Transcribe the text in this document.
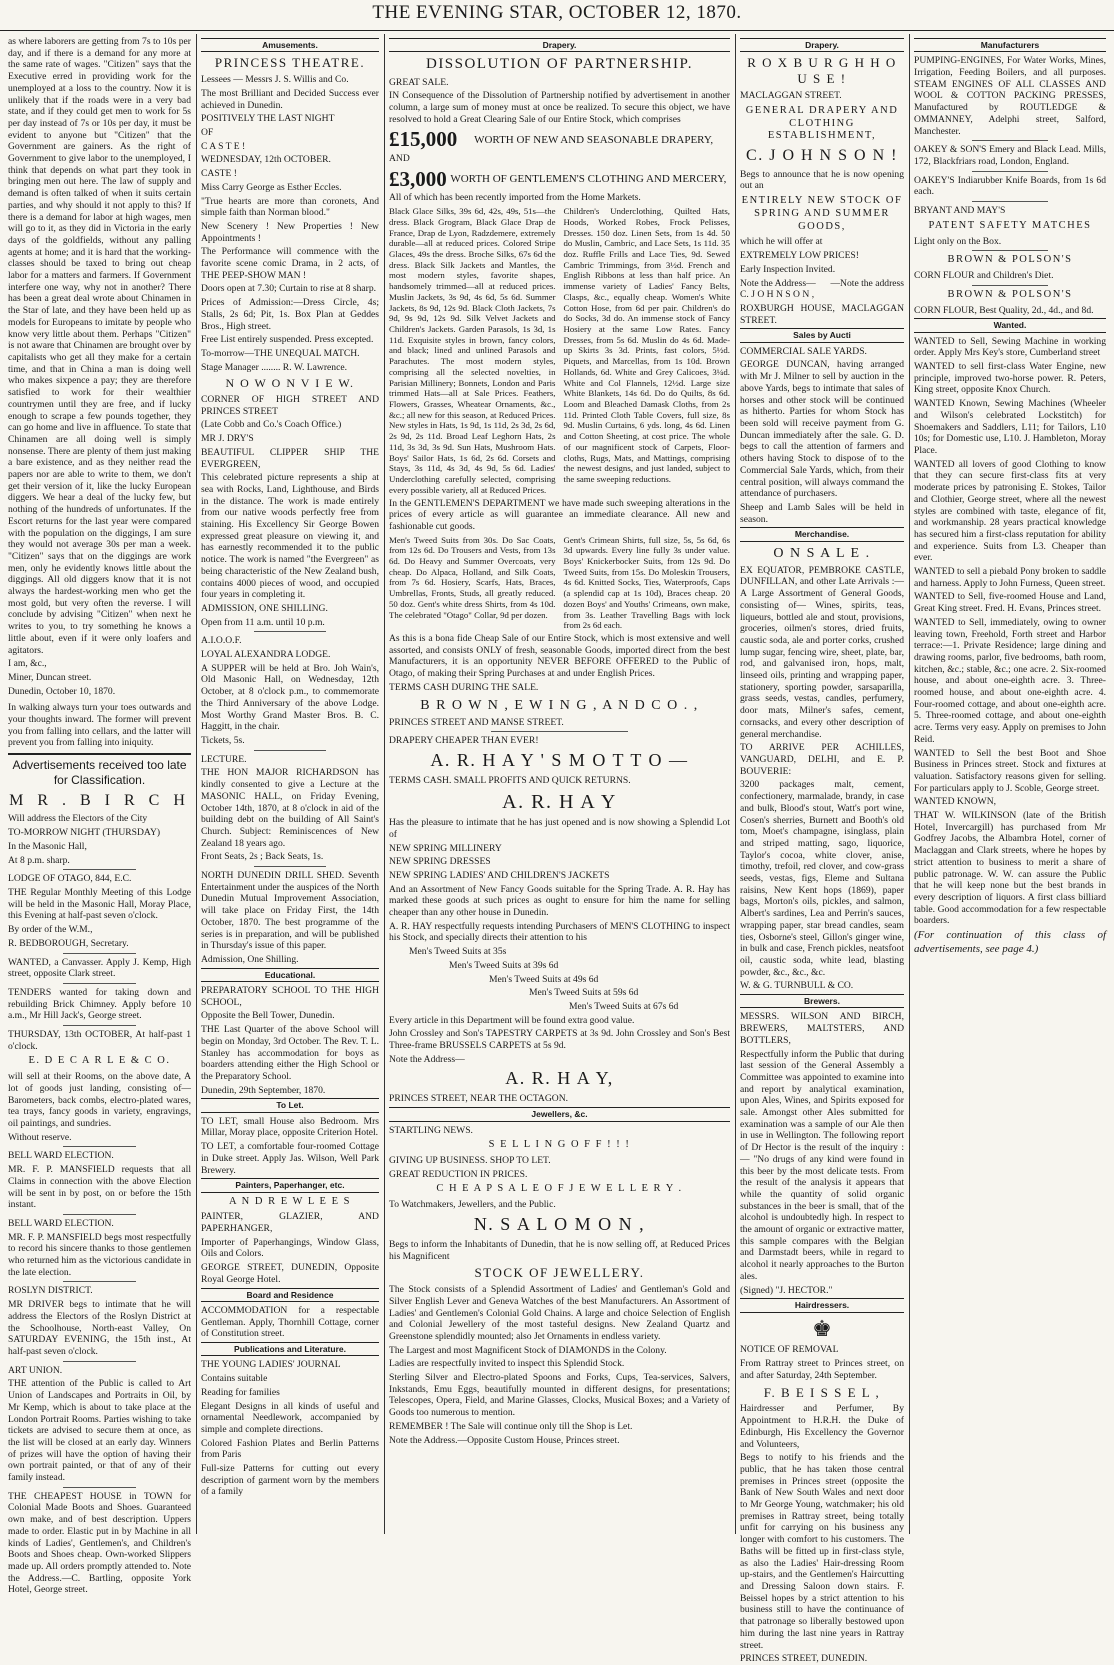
THE EVENING STAR, OCTOBER 12, 1870.

as where laborers are getting from 7s to 10s per day, and if there is a demand for any more at the same rate of wages. "Citizen" says that the Executive erred in providing work for the unemployed at a loss to the country. Now it is unlikely that if the roads were in a very bad state, and if they could get men to work for 5s per day instead of 7s or 10s per day, it must be evident to anyone but "Citizen" that the Government are gainers. As the right of Government to give labor to the unemployed, I think that depends on what part they took in bringing men out here. The law of supply and demand is often talked of when it suits certain parties, and why should it not apply to this? If there is a demand for labor at high wages, men will go to it, as they did in Victoria in the early days of the goldfields, without any palling agents at home; and it is hard that the working-classes should be taxed to bring out cheap labor for a matters and farmers. If Government interfere one way, why not in another? There has been a great deal wrote about Chinamen in the Star of late, and they have been held up as models for Europeans to imitate by people who know very little about them. Perhaps "Citizen" is not aware that Chinamen are brought over by capitalists who get all they make for a certain time, and that in China a man is doing well who makes sixpence a pay; they are therefore satisfied to work for their wealthier countrymen until they are free, and if lucky enough to scrape a few pounds together, they can go home and live in affluence. To state that Chinamen are all doing well is simply nonsense. There are plenty of them just making a bare existence, and as they neither read the papers nor are able to write to them, we don't get their version of it, like the lucky European diggers. We hear a deal of the lucky few, but nothing of the hundreds of unfortunates. If the Escort returns for the last year were compared with the population on the diggings, I am sure they would not average 30s per man a week. "Citizen" says that on the diggings are work men, only he evidently knows little about the diggings. All old diggers know that it is not always the hardest-working men who get the most gold, but very often the reverse. I will conclude by advising "Citizen" when next he writes to you, to try something he knows a little about, even if it were only loafers and agitators.

I am, &c.,

Miner, Duncan street.

Dunedin, October 10, 1870.

In walking always turn your toes outwards and your thoughts inward. The former will prevent you from falling into cellars, and the latter will prevent you from falling into iniquity.

Advertisements received too late for Classification.
M R . B I R C H

Will address the Electors of the City

TO-MORROW NIGHT (THURSDAY)

In the Masonic Hall,

At 8 p.m. sharp.

LODGE OF OTAGO, 844, E.C.

THE Regular Monthly Meeting of this Lodge will be held in the Masonic Hall, Moray Place, this Evening at half-past seven o'clock.

By order of the W.M.,

R. BEDBOROUGH, Secretary.

WANTED, a Canvasser. Apply J. Kemp, High street, opposite Clark street.

TENDERS wanted for taking down and rebuilding Brick Chimney. Apply before 10 a.m., Mr Hill Jack's, George street.

THURSDAY, 13th OCTOBER, At half-past 1 o'clock.

E. D E C A R L E & C O.

will sell at their Rooms, on the above date, A lot of goods just landing, consisting of— Barometers, back combs, electro-plated wares, tea trays, fancy goods in variety, engravings, oil paintings, and sundries.

Without reserve.

BELL WARD ELECTION.

MR. F. P. MANSFIELD requests that all Claims in connection with the above Election will be sent in by post, on or before the 15th instant.

BELL WARD ELECTION.

MR. F. P. MANSFIELD begs most respectfully to record his sincere thanks to those gentlemen who returned him as the victorious candidate in the late election.

ROSLYN DISTRICT.

MR DRIVER begs to intimate that he will address the Electors of the Roslyn District at the Schoolhouse, North-east Valley, On SATURDAY EVENING, the 15th inst., At half-past seven o'clock.

ART UNION.

THE attention of the Public is called to Art Union of Landscapes and Portraits in Oil, by Mr Kemp, which is about to take place at the London Portrait Rooms. Parties wishing to take tickets are advised to secure them at once, as the list will be closed at an early day. Winners of prizes will have the option of having their own portrait painted, or that of any of their family instead.

THE CHEAPEST HOUSE in TOWN for Colonial Made Boots and Shoes. Guaranteed own make, and of best description. Uppers made to order. Elastic put in by Machine in all kinds of Ladies', Gentlemen's, and Children's Boots and Shoes cheap. Own-worked Slippers made up. All orders promptly attended to. Note the Address.—C. Bartling, opposite York Hotel, George street.

Amusements.
PRINCESS THEATRE.

Lessees — Messrs J. S. Willis and Co.

The most Brilliant and Decided Success ever achieved in Dunedin.

POSITIVELY THE LAST NIGHT

OF

C A S T E !

WEDNESDAY, 12th OCTOBER.

CASTE !

Miss Carry George as Esther Eccles.

"True hearts are more than coronets, And simple faith than Norman blood."

New Scenery ! New Properties ! New Appointments !

The Performance will commence with the favorite scene comic Drama, in 2 acts, of THE PEEP-SHOW MAN !

Doors open at 7.30; Curtain to rise at 8 sharp.

Prices of Admission:—Dress Circle, 4s; Stalls, 2s 6d; Pit, 1s. Box Plan at Geddes Bros., High street.

Free List entirely suspended. Press excepted.

To-morrow—THE UNEQUAL MATCH.

Stage Manager ........ R. W. Lawrence.

N O W O N V I E W.

CORNER OF HIGH STREET AND PRINCES STREET

(Late Cobb and Co.'s Coach Office.)

MR J. DRY'S

BEAUTIFUL CLIPPER SHIP THE EVERGREEN,

This celebrated picture represents a ship at sea with Rocks, Land, Lighthouse, and Birds in the distance. The work is made entirely from our native woods perfectly free from staining. His Excellency Sir George Bowen expressed great pleasure on viewing it, and has earnestly recommended it to the public notice. The work is named "the Evergreen" as being characteristic of the New Zealand bush, contains 4000 pieces of wood, and occupied four years in completing it.

ADMISSION, ONE SHILLING.

Open from 11 a.m. until 10 p.m.

A.I.O.O.F.

LOYAL ALEXANDRA LODGE.

A SUPPER will be held at Bro. Joh Wain's, Old Masonic Hall, on Wednesday, 12th October, at 8 o'clock p.m., to commemorate the Third Anniversary of the above Lodge. Most Worthy Grand Master Bros. B. C. Haggitt, in the chair.

Tickets, 5s.

LECTURE.

THE HON MAJOR RICHARDSON has kindly consented to give a Lecture at the MASONIC HALL, on Friday Evening, October 14th, 1870, at 8 o'clock in aid of the building debt on the building of All Saint's Church. Subject: Reminiscences of New Zealand 18 years ago.

Front Seats, 2s ; Back Seats, 1s.

NORTH DUNEDIN DRILL SHED. Seventh Entertainment under the auspices of the North Dunedin Mutual Improvement Association, will take place on Friday First, the 14th October, 1870. The best programme of the series is in preparation, and will be published in Thursday's issue of this paper.

Admission, One Shilling.

Educational.

PREPARATORY SCHOOL TO THE HIGH SCHOOL,

Opposite the Bell Tower, Dunedin.

THE Last Quarter of the above School will begin on Monday, 3rd October. The Rev. T. L. Stanley has accommodation for boys as boarders attending either the High School or the Preparatory School.

Dunedin, 29th September, 1870.

To Let.

TO LET, small House also Bedroom. Mrs Millar, Moray place, opposite Criterion Hotel.

TO LET, a comfortable four-roomed Cottage in Duke street. Apply Jas. Wilson, Well Park Brewery.

Painters, Paperhanger, etc.
A N D R E W L E E S

PAINTER, GLAZIER, AND PAPERHANGER,

Importer of Paperhangings, Window Glass, Oils and Colors.

GEORGE STREET, DUNEDIN, Opposite Royal George Hotel.

Board and Residence

ACCOMMODATION for a respectable Gentleman. Apply, Thornhill Cottage, corner of Constitution street.

Publications and Literature.

THE YOUNG LADIES' JOURNAL

Contains suitable

Reading for families

Elegant Designs in all kinds of useful and ornamental Needlework, accompanied by simple and complete directions.

Colored Fashion Plates and Berlin Patterns from Paris

Full-size Patterns for cutting out every description of garment worn by the members of a family

Drapery.
DISSOLUTION OF PARTNERSHIP.

GREAT SALE.

IN Consequence of the Dissolution of Partnership notified by advertisement in another column, a large sum of money must at once be realized. To secure this object, we have resolved to hold a Great Clearing Sale of our Entire Stock, which comprises

£15,000	WORTH OF NEW AND SEASONABLE DRAPERY,

AND

£3,000 WORTH OF GENTLEMEN'S CLOTHING AND MERCERY,

All of which has been recently imported from the Home Markets.

Black Glace Silks, 39s 6d, 42s, 49s, 51s—the dress. Black Grogram, Black Glace Drap de France, Drap de Lyon, Radzdemere, extremely durable—all at reduced prices. Colored Stripe Glaces, 49s the dress. Broche Silks, 67s 6d the dress. Black Silk Jackets and Mantles, the most modern styles, favorite shapes, handsomely trimmed—all at reduced prices. Muslin Jackets, 3s 9d, 4s 6d, 5s 6d. Summer Jackets, 8s 9d, 12s 9d. Black Cloth Jackets, 7s 9d, 9s 9d, 12s 9d. Silk Velvet Jackets and Children's Jackets. Garden Parasols, 1s 3d, 1s 11d. Exquisite styles in brown, fancy colors, and black; lined and unlined Parasols and Parachutes. The most modern styles, comprising all the selected novelties, in Parisian Millinery; Bonnets, London and Paris trimmed Hats—all at Sale Prices. Feathers, Flowers, Grasses, Wheatear Ornaments, &c., &c.; all new for this season, at Reduced Prices. New styles in Hats, 1s 9d, 1s 11d, 2s 3d, 2s 6d, 2s 9d, 2s 11d. Broad Leaf Leghorn Hats, 2s 11d, 3s 3d, 3s 9d. Sun Hats, Mushroom Hats. Boys' Sailor Hats, 1s 6d, 2s 6d. Corsets and Stays, 3s 11d, 4s 3d, 4s 9d, 5s 6d. Ladies' Underclothing carefully selected, comprising every possible variety, all at Reduced Prices.

Children's Underclothing, Quilted Hats, Hoods, Worked Robes, Frock Pelisses, Dresses. 150 doz. Linen Sets, from 1s 4d. 50 do Muslin, Cambric, and Lace Sets, 1s 11d. 35 doz. Ruffle Frills and Lace Ties, 9d. Sewed Cambric Trimmings, from 3½d. French and English Ribbons at less than half price. An immense variety of Ladies' Fancy Belts, Clasps, &c., equally cheap. Women's White Cotton Hose, from 6d per pair. Children's do do Socks, 3d do. An immense stock of Fancy Hosiery at the same Low Rates. Fancy Dresses, from 5s 6d. Muslin do 4s 6d. Made-up Skirts 3s 3d. Prints, fast colors, 5½d. Piquets, and Marcellas, from 1s 10d. Brown Hollands, 6d. White and Grey Calicoes, 3¼d. White and Col Flannels, 12½d. Large size White Blankets, 14s 6d. Do do Quilts, 8s 6d. Loom and Bleached Damask Cloths, from 2s 11d. Printed Cloth Table Covers, full size, 8s 9d. Muslin Curtains, 6 yds. long, 4s 6d. Linen and Cotton Sheeting, at cost price. The whole of our magnificent stock of Carpets, Floor-cloths, Rugs, Mats, and Mattings, comprising the newest designs, and just landed, subject to the same sweeping reductions.

In the GENTLEMEN'S DEPARTMENT we have made such sweeping alterations in the prices of every article as will guarantee an immediate clearance. All new and fashionable cut goods.

Men's Tweed Suits from 30s. Do Sac Coats, from 12s 6d. Do Trousers and Vests, from 13s 6d. Do Heavy and Summer Overcoats, very cheap. Do Alpaca, Holland, and Silk Coats, from 7s 6d. Hosiery, Scarfs, Hats, Braces, Umbrellas, Fronts, Studs, all greatly reduced. 50 doz. Gent's white dress Shirts, from 4s 10d. The celebrated "Otago" Collar, 9d per dozen.

Gent's Crimean Shirts, full size, 5s, 5s 6d, 6s 3d upwards. Every line fully 3s under value. Boys' Knickerbocker Suits, from 12s 9d. Do Tweed Suits, from 15s. Do Moleskin Trousers, 4s 6d. Knitted Socks, Ties, Waterproofs, Caps (a splendid cap at 1s 10d), Braces cheap. 20 dozen Boys' and Youths' Crimeans, own make, from 3s. Leather Travelling Bags with lock from 2s 6d each.

As this is a bona fide Cheap Sale of our Entire Stock, which is most extensive and well assorted, and consists ONLY of fresh, seasonable Goods, imported direct from the best Manufacturers, it is an opportunity NEVER BEFORE OFFERED to the Public of Otago, of making their Spring Purchases at and under English Prices.

TERMS CASH DURING THE SALE.

B R O W N , E W I N G , A N D C O . ,

PRINCES STREET AND MANSE STREET.

DRAPERY CHEAPER THAN EVER!

A. R. H A Y ' S M O T T O —

TERMS CASH. SMALL PROFITS AND QUICK RETURNS.

A. R. H A Y

Has the pleasure to intimate that he has just opened and is now showing a Splendid Lot of

NEW SPRING MILLINERY

NEW SPRING DRESSES

NEW SPRING LADIES' AND CHILDREN'S JACKETS

And an Assortment of New Fancy Goods suitable for the Spring Trade. A. R. Hay has marked these goods at such prices as ought to ensure for him the name for selling cheaper than any other house in Dunedin.

A. R. HAY respectfully requests intending Purchasers of MEN'S CLOTHING to inspect his Stock, and specially directs their attention to his

Men's Tweed Suits at 35s

Men's Tweed Suits at 39s 6d

Men's Tweed Suits at 49s 6d

Men's Tweed Suits at 59s 6d

Men's Tweed Suits at 67s 6d

Every article in this Department will be found extra good value.

John Crossley and Son's TAPESTRY CARPETS at 3s 9d. John Crossley and Son's Best Three-frame BRUSSELS CARPETS at 5s 9d.

Note the Address—

A. R. H A Y,

PRINCES STREET, NEAR THE OCTAGON.

Jewellers, &c.

STARTLING NEWS.

S E L L I N G O F F ! ! !

GIVING UP BUSINESS. SHOP TO LET.

GREAT REDUCTION IN PRICES.

C H E A P S A L E O F J E W E L L E R Y .

To Watchmakers, Jewellers, and the Public.

N. S A L O M O N ,

Begs to inform the Inhabitants of Dunedin, that he is now selling off, at Reduced Prices his Magnificent

STOCK OF JEWELLERY.

The Stock consists of a Splendid Assortment of Ladies' and Gentleman's Gold and Silver English Lever and Geneva Watches of the best Manufacturers. An Assortment of Ladies' and Gentlemen's Colonial Gold Chains. A large and choice Selection of English and Colonial Jewellery of the most tasteful designs. New Zealand Quartz and Greenstone splendidly mounted; also Jet Ornaments in endless variety.

The Largest and most Magnificent Stock of DIAMONDS in the Colony.

Ladies are respectfully invited to inspect this Splendid Stock.

Sterling Silver and Electro-plated Spoons and Forks, Cups, Tea-services, Salvers, Inkstands, Emu Eggs, beautifully mounted in different designs, for presentations; Telescopes, Opera, Field, and Marine Glasses, Clocks, Musical Boxes; and a Variety of Goods too numerous to mention.

REMEMBER ! The Sale will continue only till the Shop is Let.

Note the Address.—Opposite Custom House, Princes street.

Drapery.
R O X B U R G H H O U S E !

MACLAGGAN STREET.

GENERAL DRAPERY AND CLOTHING ESTABLISHMENT,
C. J O H N S O N !

Begs to announce that he is now opening out an

ENTIRELY NEW STOCK OF SPRING AND SUMMER GOODS,

which he will offer at

EXTREMELY LOW PRICES!

Early Inspection Invited.

Note the Address— —Note the address

C. J O H N S O N ,

ROXBURGH HOUSE, MACLAGGAN STREET.

Sales by Aucti

COMMERCIAL SALE YARDS.

GEORGE DUNCAN, having arranged with Mr J. Milner to sell by auction in the above Yards, begs to intimate that sales of horses and other stock will be continued as hitherto. Parties for whom Stock has been sold will receive payment from G. Duncan immediately after the sale. G. D. begs to call the attention of farmers and others having Stock to dispose of to the Commercial Sale Yards, which, from their central position, will always command the attendance of purchasers.

Sheep and Lamb Sales will be held in season.

Merchandise.
O N S A L E .

EX EQUATOR, PEMBROKE CASTLE, DUNFILLAN, and other Late Arrivals :— A Large Assortment of General Goods, consisting of— Wines, spirits, teas, liqueurs, bottled ale and stout, provisions, groceries, oilmen's stores, dried fruits, caustic soda, ale and porter corks, crushed lump sugar, fencing wire, sheet, plate, bar, rod, and galvanised iron, hops, malt, linseed oils, printing and wrapping paper, stationery, sporting powder, sarsaparilla, grass seeds, vestas, candles, perfumery, door mats, Milner's safes, cement, cornsacks, and every other description of general merchandise.

TO ARRIVE PER ACHILLES, VANGUARD, DELHI, and E. P. BOUVERIE:

3200 packages malt, cement, confectionery, marmalade, brandy, in case and bulk, Blood's stout, Watt's port wine, Cosen's sherries, Burnett and Booth's old tom, Moet's champagne, isinglass, plain and striped matting, sago, liquorice, Taylor's cocoa, white clover, anise, timothy, trefoil, red clover, and cow-grass seeds, vestas, figs, Eleme and Sultana raisins, New Kent hops (1869), paper bags, Morton's oils, pickles, and salmon, Albert's sardines, Lea and Perrin's sauces, wrapping paper, star bread candles, seam ties, Osborne's steel, Gillon's ginger wine, in bulk and case, French pickles, neatsfoot oil, caustic soda, white lead, blasting powder, &c., &c., &c.

W. & G. TURNBULL & CO.

Brewers.

MESSRS. WILSON AND BIRCH, BREWERS, MALTSTERS, AND BOTTLERS,

Respectfully inform the Public that during last session of the General Assembly a Committee was appointed to examine into and report by analytical examination, upon Ales, Wines, and Spirits exposed for sale. Amongst other Ales submitted for examination was a sample of our Ale then in use in Wellington. The following report of Dr Hector is the result of the inquiry :— "No drugs of any kind were found in this beer by the most delicate tests. From the result of the analysis it appears that while the quantity of solid organic substances in the beer is small, that of the alcohol is undoubtedly high. In respect to the amount of organic or extractive matter, this sample compares with the Belgian and Darmstadt beers, while in regard to alcohol it nearly approaches to the Burton ales.

(Signed) "J. HECTOR."

Hairdressers.
♚

NOTICE OF REMOVAL

From Rattray street to Princes street, on and after Saturday, 24th September.

F. B E I S S E L ,

Hairdresser and Perfumer, By Appointment to H.R.H. the Duke of Edinburgh, His Excellency the Governor and Volunteers,

Begs to notify to his friends and the public, that he has taken those central premises in Princes street (opposite the Bank of New South Wales and next door to Mr George Young, watchmaker; his old premises in Rattray street, being totally unfit for carrying on his business any longer with comfort to his customers. The Baths will be fitted up in first-class style, as also the Ladies' Hair-dressing Room up-stairs, and the Gentlemen's Haircutting and Dressing Saloon down stairs. F. Beissel hopes by a strict attention to his business still to have the continuance of that patronage so liberally bestowed upon him during the last nine years in Rattray street.

PRINCES STREET, DUNEDIN.

Manufacturers

PUMPING-ENGINES, For Water Works, Mines, Irrigation, Feeding Boilers, and all purposes. STEAM ENGINES OF ALL CLASSES AND WOOL & COTTON PACKING PRESSES, Manufactured by ROUTLEDGE & OMMANNEY, Adelphi street, Salford, Manchester.

OAKEY & SON'S Emery and Black Lead. Mills, 172, Blackfriars road, London, England.

OAKEY'S Indiarubber Knife Boards, from 1s 6d each.

BRYANT AND MAY'S

PATENT SAFETY MATCHES

Light only on the Box.

BROWN & POLSON'S

CORN FLOUR and Children's Diet.

BROWN & POLSON'S

CORN FLOUR, Best Quality, 2d., 4d., and 8d.

Wanted.

WANTED to Sell, Sewing Machine in working order. Apply Mrs Key's store, Cumberland street

WANTED to sell first-class Water Engine, new principle, improved two-horse power. R. Peters, King street, opposite Knox Church.

WANTED Known, Sewing Machines (Wheeler and Wilson's celebrated Lockstitch) for Shoemakers and Saddlers, L11; for Tailors, L10 10s; for Domestic use, L10. J. Hambleton, Moray Place.

WANTED all lovers of good Clothing to know that they can secure first-class fits at very moderate prices by patronising E. Stokes, Tailor and Clothier, George street, where all the newest styles are combined with taste, elegance of fit, and workmanship. 28 years practical knowledge has secured him a first-class reputation for ability and experience. Suits from L3. Cheaper than ever.

WANTED to sell a piebald Pony broken to saddle and harness. Apply to John Furness, Queen street.

WANTED to Sell, five-roomed House and Land, Great King street. Fred. H. Evans, Princes street.

WANTED to Sell, immediately, owing to owner leaving town, Freehold, Forth street and Harbor terrace:—1. Private Residence; large dining and drawing rooms, parlor, five bedrooms, bath room, kitchen, &c.; stable, &c.; one acre. 2. Six-roomed house, and about one-eighth acre. 3. Three-roomed house, and about one-eighth acre. 4. Four-roomed cottage, and about one-eighth acre. 5. Three-roomed cottage, and about one-eighth acre. Terms very easy. Apply on premises to John Reid.

WANTED to Sell the best Boot and Shoe Business in Princes street. Stock and fixtures at valuation. Satisfactory reasons given for selling. For particulars apply to J. Scoble, George street.

WANTED KNOWN,

THAT W. WILKINSON (late of the British Hotel, Invercargill) has purchased from Mr Godfrey Jacobs, the Albambra Hotel, corner of Maclaggan and Clark streets, where he hopes by strict attention to business to merit a share of public patronage. W. W. can assure the Public that he will keep none but the best brands in every description of liquors. A first class billiard table. Good accommodation for a few respectable boarders.

(For continuation of this class of advertisements, see page 4.)
